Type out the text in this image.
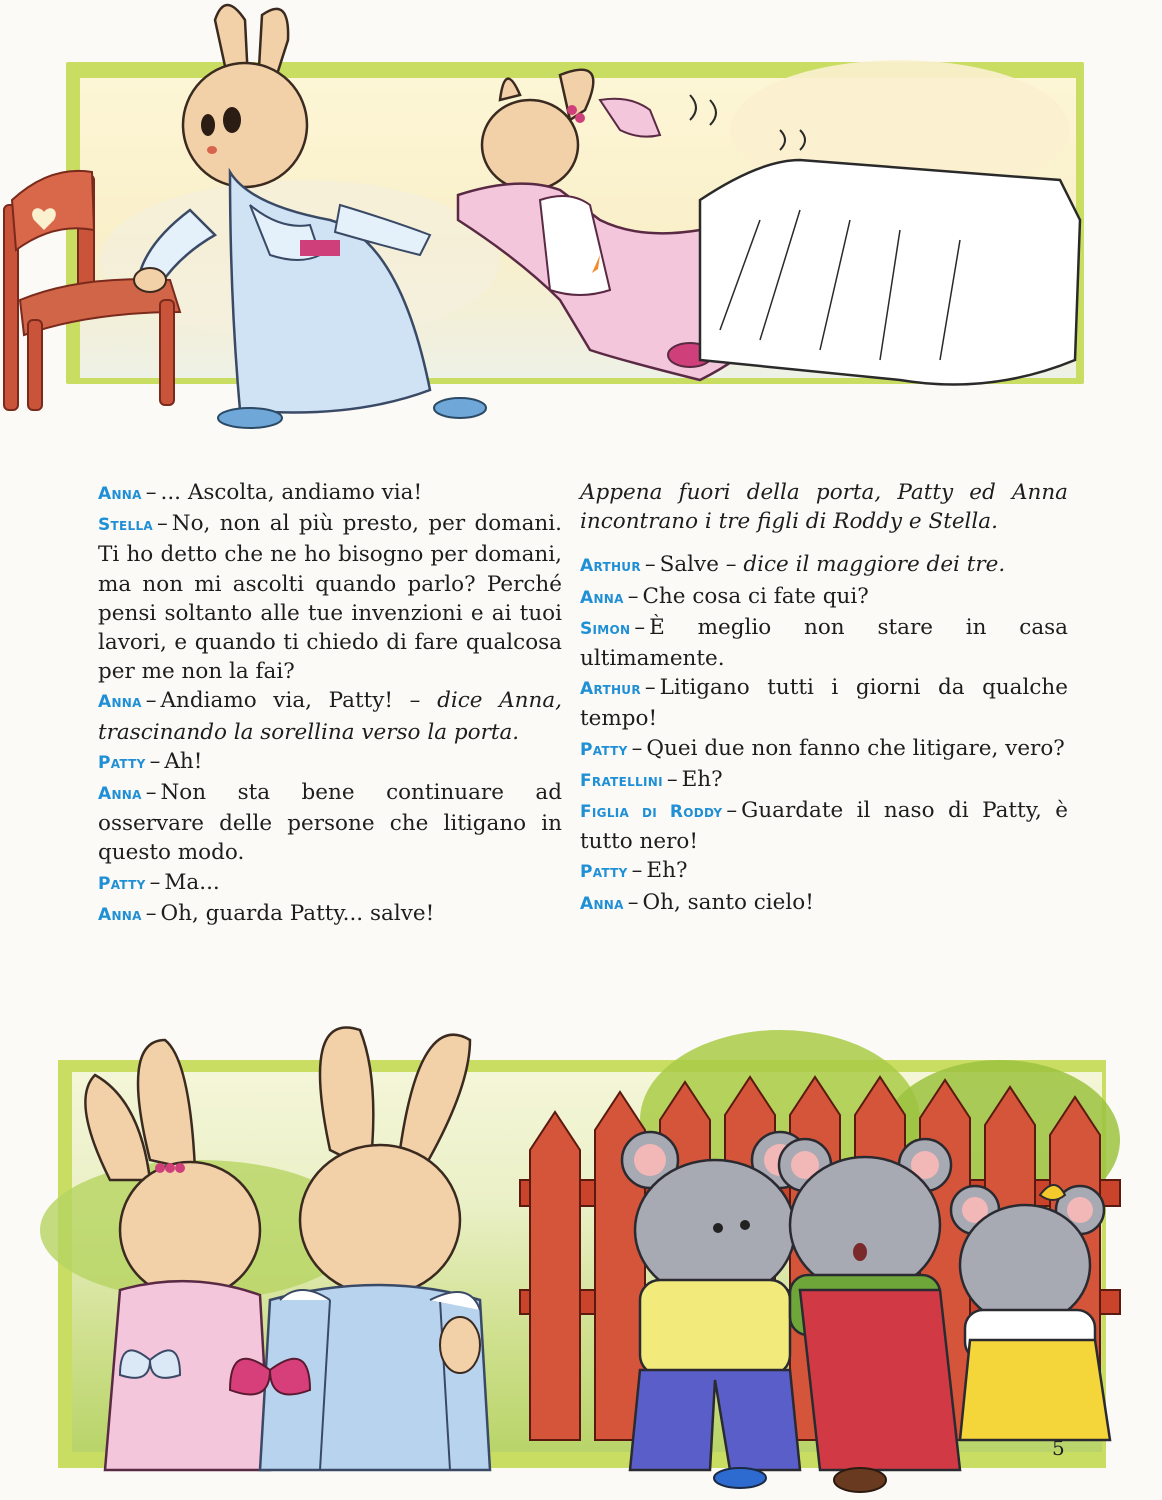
Anna – ... Ascolta, andiamo via!

Stella – No, non al più presto, per domani. Ti ho detto che ne ho bisogno per domani, ma non mi ascolti quando parlo? Perché pensi soltanto alle tue invenzioni e ai tuoi lavori, e quando ti chiedo di fare qualcosa per me non la fai?

Anna – Andiamo via, Patty! – dice Anna, trascinando la sorellina verso la porta.

Patty – Ah!

Anna – Non sta bene continuare ad osservare delle persone che litigano in questo modo.

Patty – Ma...

Anna – Oh, guarda Patty... salve!

Appena fuori della porta, Patty ed Anna incontrano i tre figli di Roddy e Stella.

Arthur – Salve – dice il maggiore dei tre.

Anna – Che cosa ci fate qui?

Simon – È meglio non stare in casa ultimamente.

Arthur – Litigano tutti i giorni da qualche tempo!

Patty – Quei due non fanno che litigare, vero?

Fratellini – Eh?

Figlia di Roddy – Guardate il naso di Patty, è tutto nero!

Patty – Eh?

Anna – Oh, santo cielo!

5
